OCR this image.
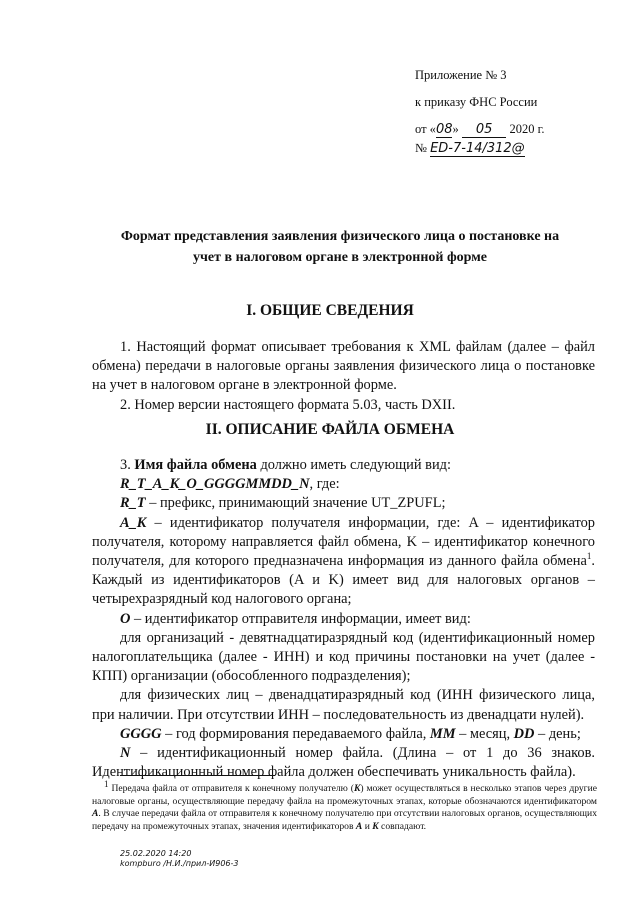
Приложение № 3
к приказу ФНС России
от «08» 05 2020 г.
№ ED-7-14/312@
Формат представления заявления физического лица о постановке на
учет в налоговом органе в электронной форме
I. ОБЩИЕ СВЕДЕНИЯ

1. Настоящий формат описывает требования к XML файлам (далее – файл обмена) передачи в налоговые органы заявления физического лица о постановке на учет в налоговом органе в электронной форме.

2. Номер версии настоящего формата 5.03, часть DXII.

II. ОПИСАНИЕ ФАЙЛА ОБМЕНА

3. Имя файла обмена должно иметь следующий вид:

R_T_A_K_O_GGGGMMDD_N, где:

R_T – префикс, принимающий значение UT_ZPUFL;

A_K – идентификатор получателя информации, где: A – идентификатор получателя, которому направляется файл обмена, K – идентификатор конечного получателя, для которого предназначена информация из данного файла обмена$^1$. Каждый из идентификаторов (A и K) имеет вид для налоговых органов – четырехразрядный код налогового органа;

O – идентификатор отправителя информации, имеет вид:

для организаций - девятнадцатиразрядный код (идентификационный номер налогоплательщика (далее - ИНН) и код причины постановки на учет (далее - КПП) организации (обособленного подразделения);

для физических лиц – двенадцатиразрядный код (ИНН физического лица, при наличии. При отсутствии ИНН – последовательность из двенадцати нулей).

GGGG – год формирования передаваемого файла, MM – месяц, DD – день;

N – идентификационный номер файла. (Длина – от 1 до 36 знаков. Идентификационный номер файла должен обеспечивать уникальность файла).

$^1$ Передача файла от отправителя к конечному получателю (K) может осуществляться в несколько этапов через другие налоговые органы, осуществляющие передачу файла на промежуточных этапах, которые обозначаются идентификатором A. В случае передачи файла от отправителя к конечному получателю при отсутствии налоговых органов, осуществляющих передачу на промежуточных этапах, значения идентификаторов A и K совпадают.

25.02.2020 14:20
kompburo /Н.И./прил-И906-3
